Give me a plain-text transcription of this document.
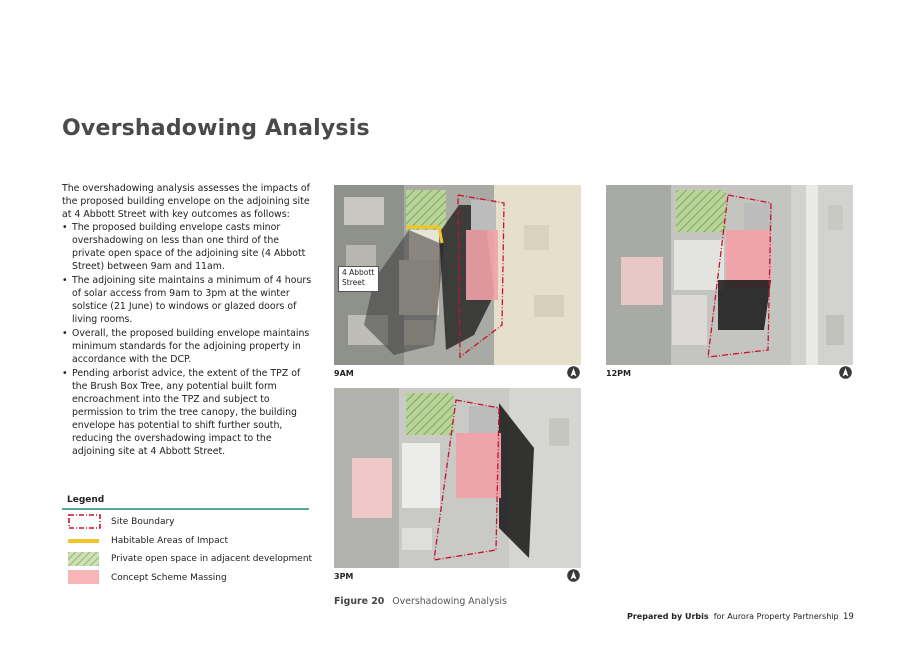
Overshadowing Analysis
The overshadowing analysis assesses the impacts of the proposed building envelope on the adjoining site at 4 Abbott Street with key outcomes as follows:
• The proposed building envelope casts minor overshadowing on less than one third of the private open space of the adjoining site (4 Abbott Street) between 9am and 11am.
• The adjoining site maintains a minimum of 4 hours of solar access from 9am to 3pm at the winter solstice (21 June) to windows or glazed doors of living rooms.
• Overall, the proposed building envelope maintains minimum standards for the adjoining property in accordance with the DCP.
• Pending arborist advice, the extent of the TPZ of the Brush Box Tree, any potential built form encroachment into the TPZ and subject to permission to trim the tree canopy, the building envelope has potential to shift further south, reducing the overshadowing impact to the adjoining site at 4 Abbott Street.
Legend
Site Boundary
Habitable Areas of Impact
Private open space in adjacent development
Concept Scheme Massing
4 Abbott Street
9AM	12PM
3PM
Figure 20 Overshadowing Analysis
Prepared by Urbis for Aurora Property Partnership 19
